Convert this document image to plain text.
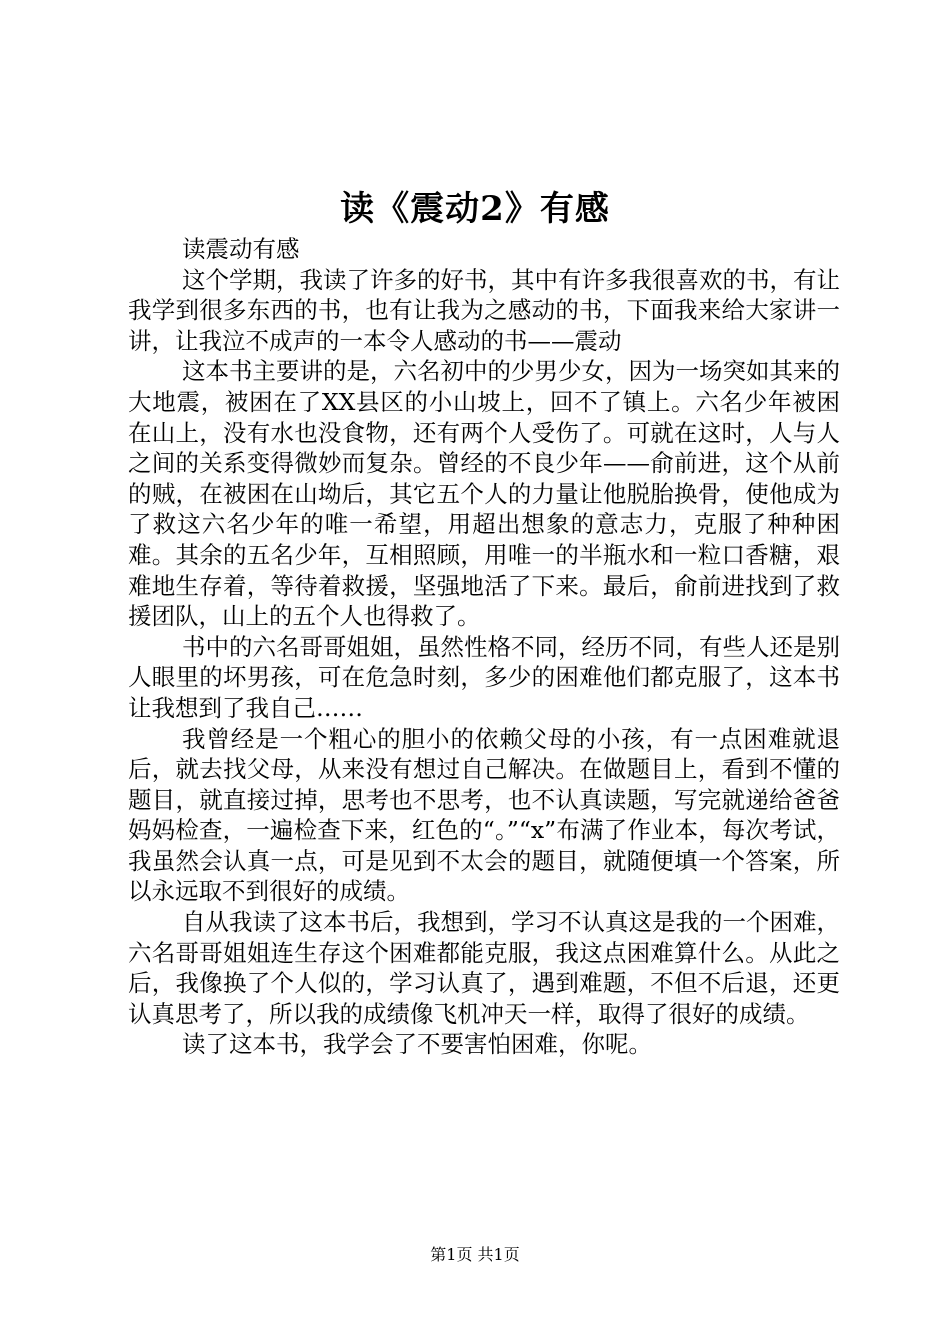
读《震动2》有感

读震动有感

这个学期，我读了许多的好书，其中有许多我很喜欢的书，有让我学到很多东西的书，也有让我为之感动的书，下面我来给大家讲一讲，让我泣不成声的一本令人感动的书——震动

这本书主要讲的是，六名初中的少男少女，因为一场突如其来的大地震，被困在了XX县区的小山坡上，回不了镇上。六名少年被困在山上，没有水也没食物，还有两个人受伤了。可就在这时，人与人之间的关系变得微妙而复杂。曾经的不良少年——俞前进，这个从前的贼，在被困在山坳后，其它五个人的力量让他脱胎换骨，使他成为了救这六名少年的唯一希望，用超出想象的意志力，克服了种种困难。其余的五名少年，互相照顾，用唯一的半瓶水和一粒口香糖，艰难地生存着，等待着救援，坚强地活了下来。最后，俞前进找到了救援团队，山上的五个人也得救了。

书中的六名哥哥姐姐，虽然性格不同，经历不同，有些人还是别人眼里的坏男孩，可在危急时刻，多少的困难他们都克服了，这本书让我想到了我自己……

我曾经是一个粗心的胆小的依赖父母的小孩，有一点困难就退后，就去找父母，从来没有想过自己解决。在做题目上，看到不懂的题目，就直接过掉，思考也不思考，也不认真读题，写完就递给爸爸妈妈检查，一遍检查下来，红色的“。”“x”布满了作业本，每次考试，我虽然会认真一点，可是见到不太会的题目，就随便填一个答案，所以永远取不到很好的成绩。

自从我读了这本书后，我想到，学习不认真这是我的一个困难，六名哥哥姐姐连生存这个困难都能克服，我这点困难算什么。从此之后，我像换了个人似的，学习认真了，遇到难题，不但不后退，还更认真思考了，所以我的成绩像飞机冲天一样，取得了很好的成绩。

读了这本书，我学会了不要害怕困难，你呢。

第1页 共1页
